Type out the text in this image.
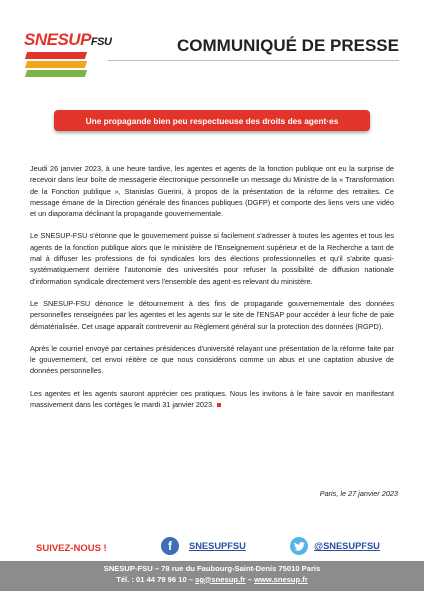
SNESUPFSU	COMMUNIQUÉ DE PRESSE
Une propagande bien peu respectueuse des droits des agent·es

Jeudi 26 janvier 2023, à une heure tardive, les agentes et agents de la fonction publique ont eu la surprise de recevoir dans leur boîte de messagerie électronique personnelle un message du Ministre de la « Transformation de la Fonction publique », Stanislas Guerini, à propos de la présentation de la réforme des retraites. Ce message émane de la Direction générale des finances publiques (DGFP) et comporte des liens vers une vidéo et un diaporama déclinant la propagande gouvernementale.

Le SNESUP-FSU s'étonne que le gouvernement puisse si facilement s'adresser à toutes les agentes et tous les agents de la fonction publique alors que le ministère de l'Enseignement supérieur et de la Recherche a tant de mal à diffuser les professions de foi syndicales lors des élections professionnelles et qu'il s'abrite quasi-systématiquement derrière l'autonomie des universités pour refuser la possibilité de diffusion nationale d'information syndicale directement vers l'ensemble des agent·es relevant du ministère.

Le SNESUP-FSU dénonce le détournement à des fins de propagande gouvernementale des données personnelles renseignées par les agentes et les agents sur le site de l'ENSAP pour accéder à leur fiche de paie dématérialisée. Cet usage apparaît contrevenir au Règlement général sur la protection des données (RGPD).

Après le courriel envoyé par certaines présidences d'université relayant une présentation de la réforme faite par le gouvernement, cet envoi réitère ce que nous considérons comme un abus et une captation abusive de données personnelles.

Les agentes et les agents sauront apprécier ces pratiques. Nous les invitons à le faire savoir en manifestant massivement dans les cortèges le mardi 31 janvier 2023.

Paris, le 27 janvier 2023
SUIVEZ-NOUS !	f	SNESUPFSU	@SNESUPFSU
SNESUP-FSU – 78 rue du Faubourg-Saint-Denis 75010 Paris
Tél. : 01 44 79 96 10 – sg@snesup.fr – www.snesup.fr
